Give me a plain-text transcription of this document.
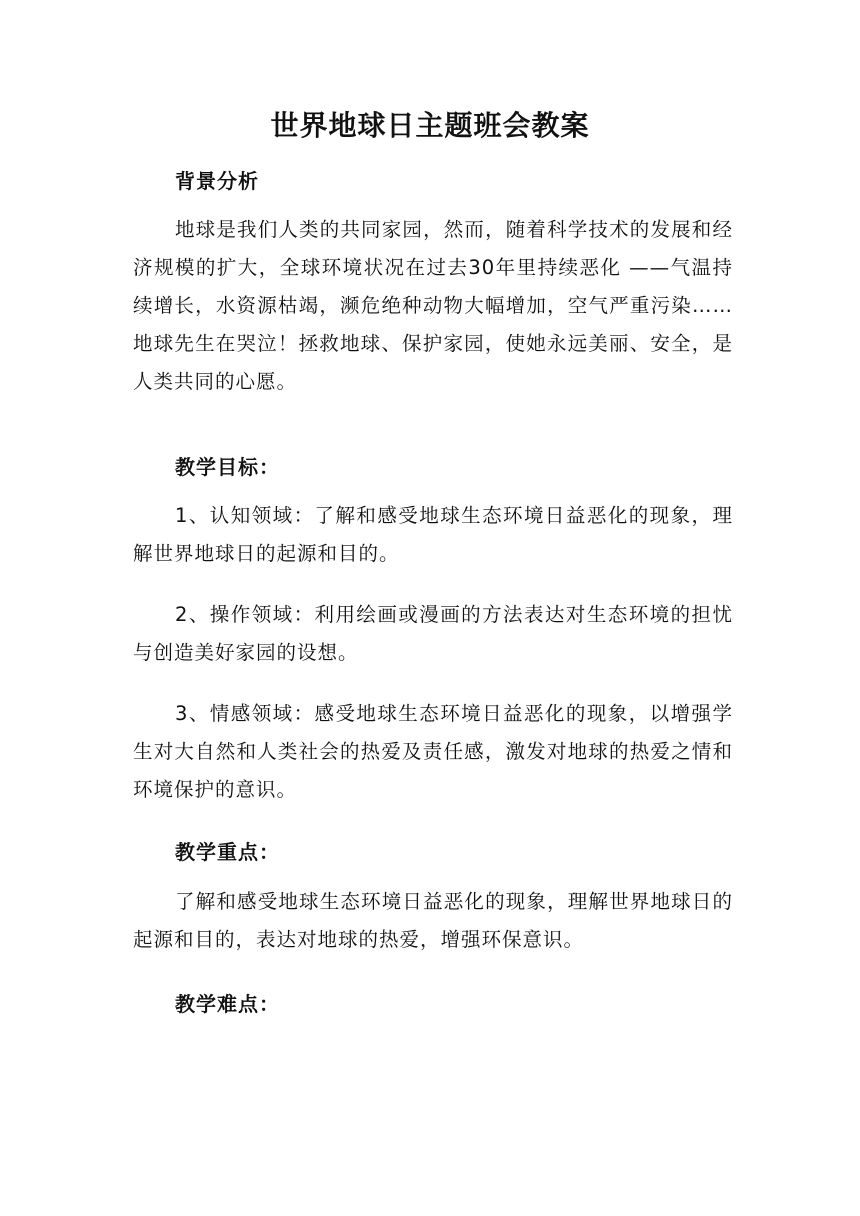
世界地球日主题班会教案
背景分析

地球是我们人类的共同家园，然而，随着科学技术的发展和经济规模的扩大，全球环境状况在过去30年里持续恶化 ——气温持续增长，水资源枯竭，濒危绝种动物大幅增加，空气严重污染……地球先生在哭泣！拯救地球、保护家园，使她永远美丽、安全，是人类共同的心愿。

教学目标：

1、认知领域：了解和感受地球生态环境日益恶化的现象，理解世界地球日的起源和目的。

2、操作领域：利用绘画或漫画的方法表达对生态环境的担忧与创造美好家园的设想。

3、情感领域：感受地球生态环境日益恶化的现象，以增强学生对大自然和人类社会的热爱及责任感，激发对地球的热爱之情和环境保护的意识。

教学重点：

了解和感受地球生态环境日益恶化的现象，理解世界地球日的起源和目的，表达对地球的热爱，增强环保意识。

教学难点：
